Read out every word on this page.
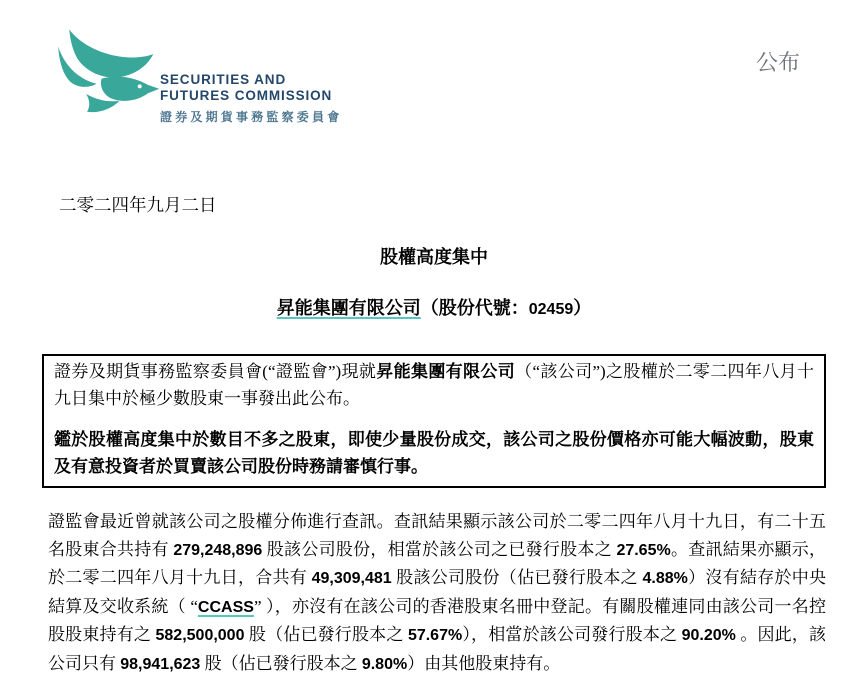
SECURITIES AND
FUTURES COMMISSION
證券及期貨事務監察委員會
公布

二零二四年九月二日

股權高度集中
昇能集團有限公司（股份代號：02459）

證券及期貨事務監察委員會(“證監會”)現就昇能集團有限公司（“該公司”)之股權於二零二四年八月十九日集中於極少數股東一事發出此公布。

鑑於股權高度集中於數目不多之股東，即使少量股份成交，該公司之股份價格亦可能大幅波動，股東及有意投資者於買賣該公司股份時務請審慎行事。

證監會最近曾就該公司之股權分佈進行查訊。查訊結果顯示該公司於二零二四年八月十九日，有二十五名股東合共持有 279,248,896 股該公司股份，相當於該公司之已發行股本之 27.65%。查訊結果亦顯示，於二零二四年八月十九日，合共有 49,309,481 股該公司股份（佔已發行股本之 4.88%）沒有結存於中央結算及交收系統（ “CCASS” ），亦沒有在該公司的香港股東名冊中登記。有關股權連同由該公司一名控股股東持有之 582,500,000 股（佔已發行股本之 57.67%），相當於該公司發行股本之 90.20% 。因此，該公司只有 98,941,623 股（佔已發行股本之 9.80%）由其他股東持有。
